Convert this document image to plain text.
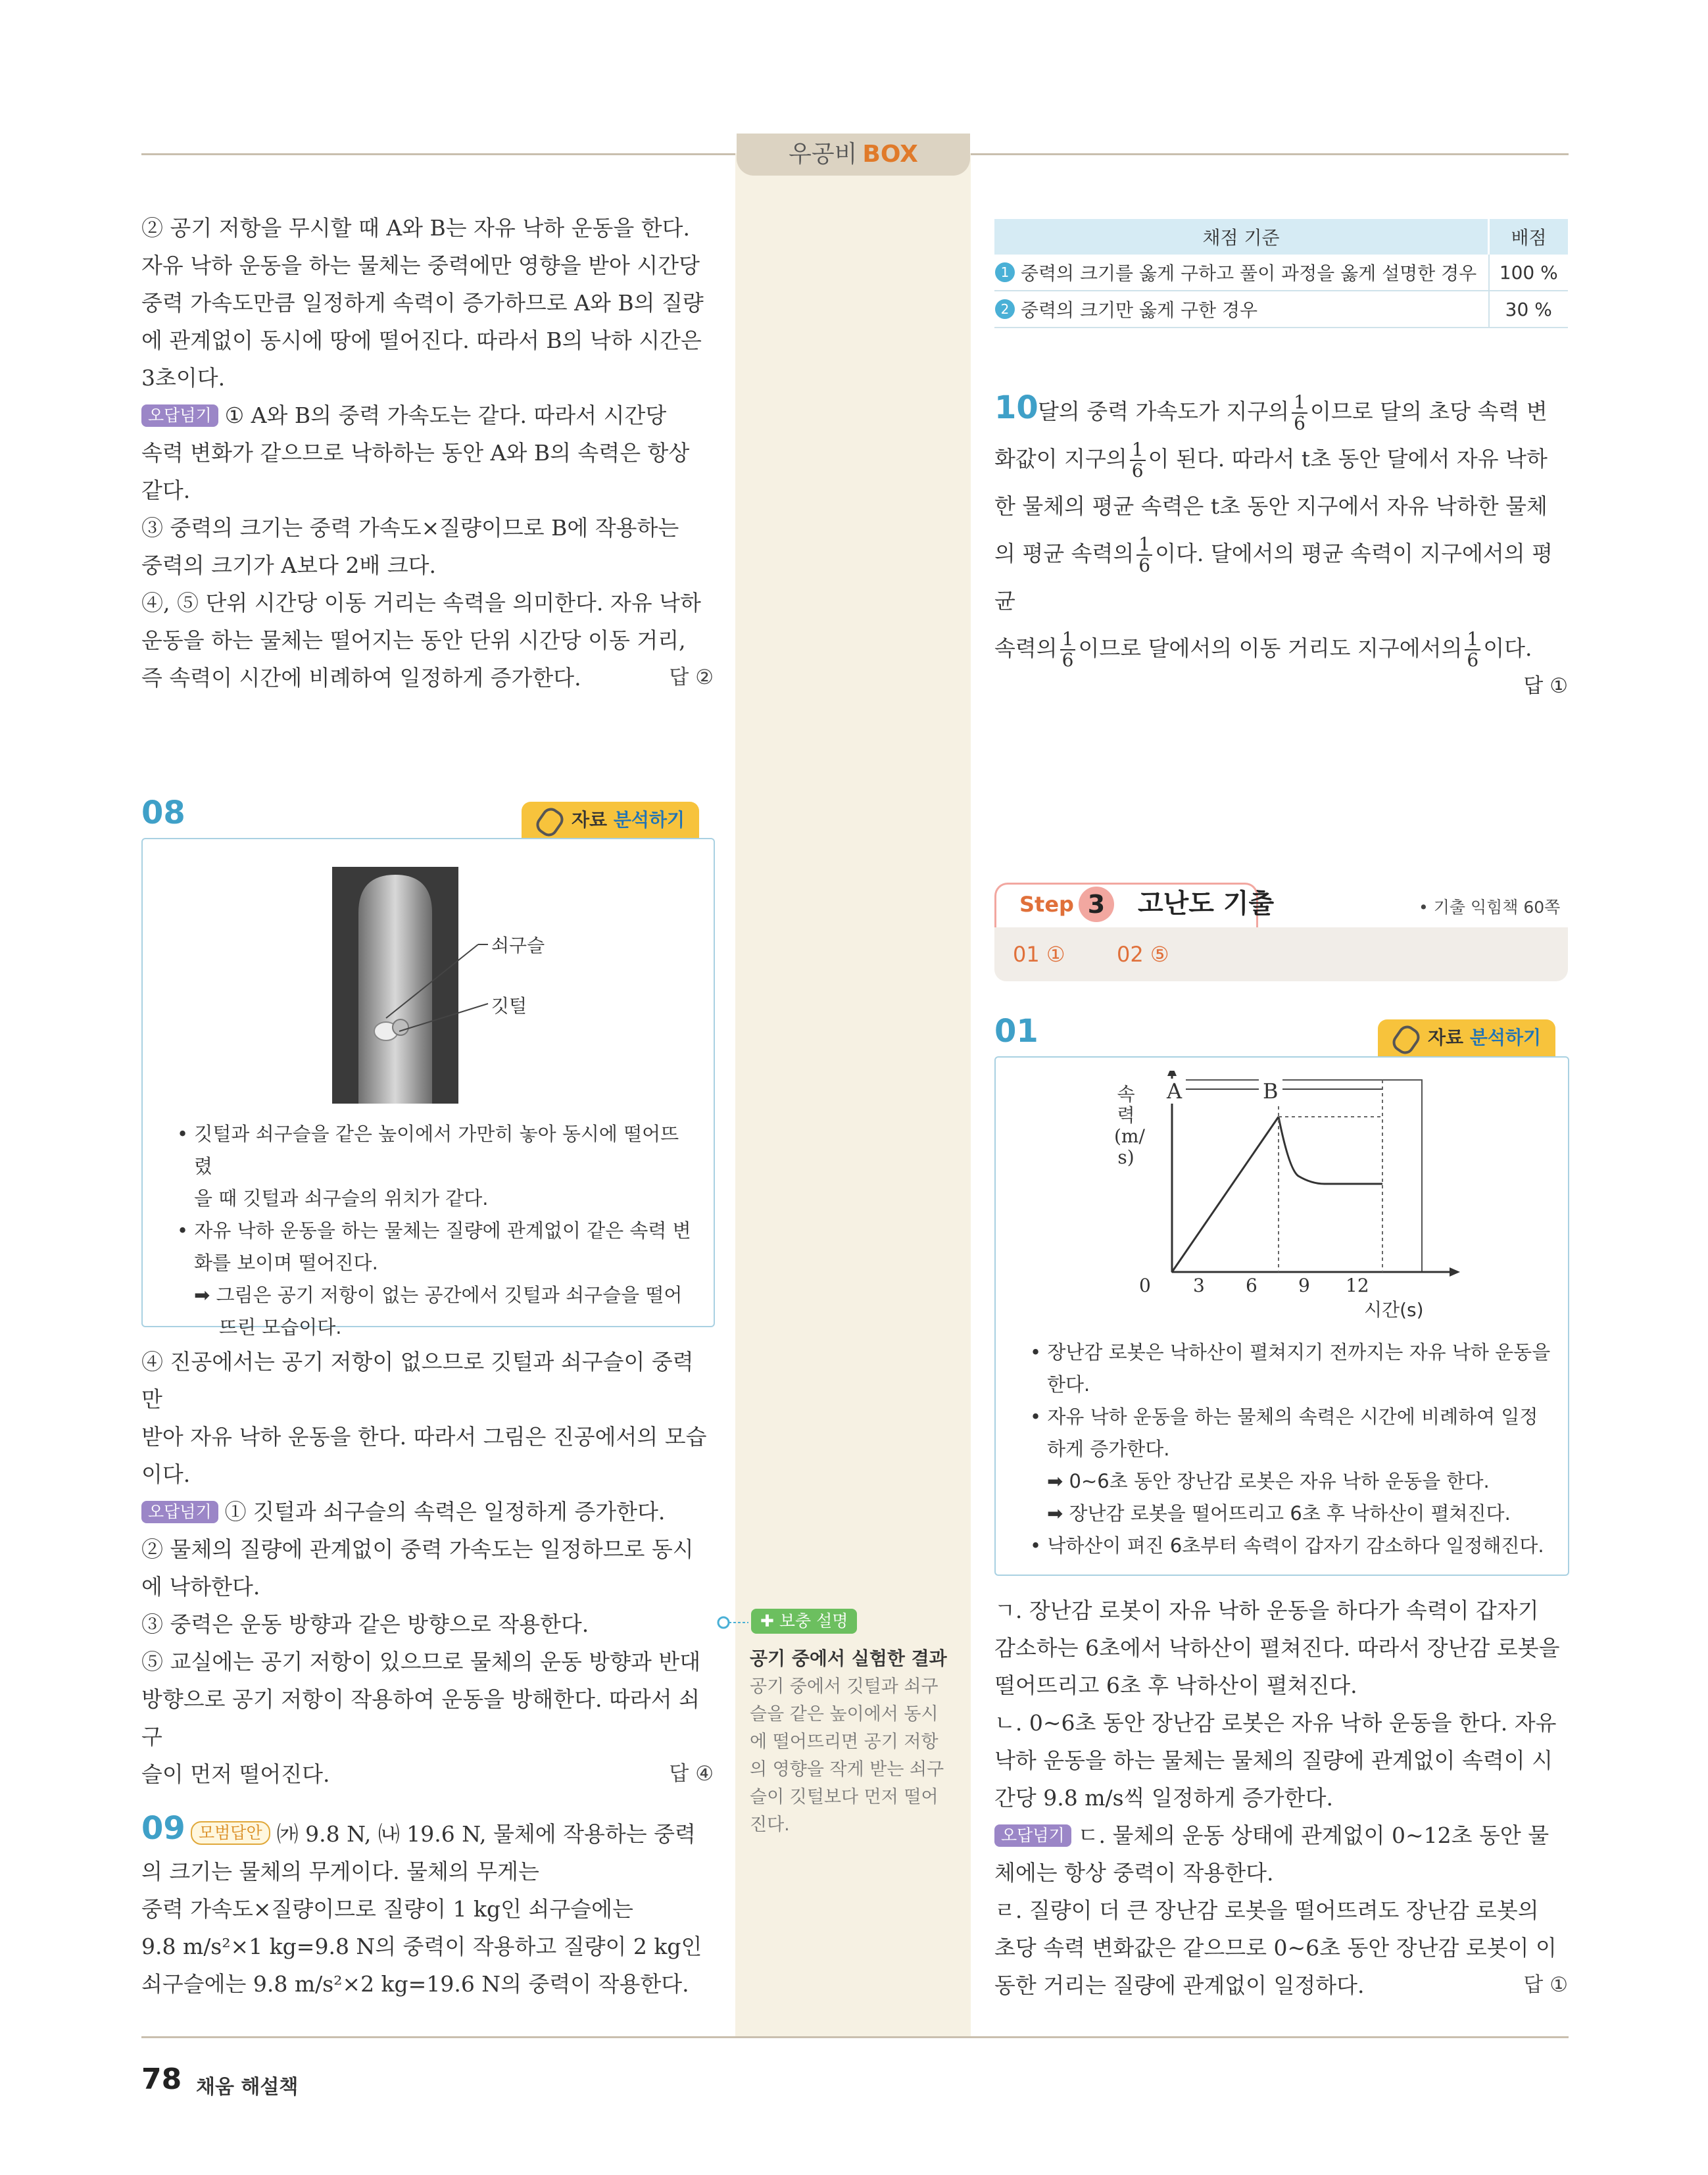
우공비 BOX

② 공기 저항을 무시할 때 A와 B는 자유 낙하 운동을 한다.

자유 낙하 운동을 하는 물체는 중력에만 영향을 받아 시간당

중력 가속도만큼 일정하게 속력이 증가하므로 A와 B의 질량

에 관계없이 동시에 땅에 떨어진다. 따라서 B의 낙하 시간은

3초이다.

오답넘기 ① A와 B의 중력 가속도는 같다. 따라서 시간당

속력 변화가 같으므로 낙하하는 동안 A와 B의 속력은 항상

같다.

③ 중력의 크기는 중력 가속도×질량이므로 B에 작용하는

중력의 크기가 A보다 2배 크다.

④, ⑤ 단위 시간당 이동 거리는 속력을 의미한다. 자유 낙하

운동을 하는 물체는 떨어지는 동안 단위 시간당 이동 거리,

즉 속력이 시간에 비례하여 일정하게 증가한다.	답 ②

08	자료 분석하기
쇠구슬
깃털
• 깃털과 쇠구슬을 같은 높이에서 가만히 놓아 동시에 떨어뜨렸
을 때 깃털과 쇠구슬의 위치가 같다.
• 자유 낙하 운동을 하는 물체는 질량에 관계없이 같은 속력 변
화를 보이며 떨어진다.
➡ 그림은 공기 저항이 없는 공간에서 깃털과 쇠구슬을 떨어
뜨린 모습이다.

④ 진공에서는 공기 저항이 없으므로 깃털과 쇠구슬이 중력만

받아 자유 낙하 운동을 한다. 따라서 그림은 진공에서의 모습

이다.

오답넘기 ① 깃털과 쇠구슬의 속력은 일정하게 증가한다.

② 물체의 질량에 관계없이 중력 가속도는 일정하므로 동시

에 낙하한다.

③ 중력은 운동 방향과 같은 방향으로 작용한다.

⑤ 교실에는 공기 저항이 있으므로 물체의 운동 방향과 반대

방향으로 공기 저항이 작용하여 운동을 방해한다. 따라서 쇠구

슬이 먼저 떨어진다.	답 ④

09 모범답안 ㈎ 9.8 N, ㈏ 19.6 N, 물체에 작용하는 중력

의 크기는 물체의 무게이다. 물체의 무게는

중력 가속도×질량이므로 질량이 1 kg인 쇠구슬에는

9.8 m/s²×1 kg=9.8 N의 중력이 작용하고 질량이 2 kg인

쇠구슬에는 9.8 m/s²×2 kg=19.6 N의 중력이 작용한다.

✚ 보충 설명
공기 중에서 실험한 결과
공기 중에서 깃털과 쇠구
슬을 같은 높이에서 동시
에 떨어뜨리면 공기 저항
의 영향을 작게 받는 쇠구
슬이 깃털보다 먼저 떨어
진다.
채점 기준	배점
1 중력의 크기를 옳게 구하고 풀이 과정을 옳게 설명한 경우	100 %
2 중력의 크기만 옳게 구한 경우	30 %
10 달의 중력 가속도가 지구의 $\frac{1}{6}$ 이므로 달의 초당 속력 변
화값이 지구의 $\frac{1}{6}$ 이 된다. 따라서 t초 동안 달에서 자유 낙하
한 물체의 평균 속력은 t초 동안 지구에서 자유 낙하한 물체
의 평균 속력의 $\frac{1}{6}$ 이다. 달에서의 평균 속력이 지구에서의 평균
속력의 $\frac{1}{6}$ 이므로 달에서의 이동 거리도 지구에서의 $\frac{1}{6}$ 이다.
답 ①
Step 3	고난도 기출	• 기출 익힘책 60쪽
01 ① 02 ⑤
01	자료 분석하기
A	B
속력(m/s)
0 3 6 9 12
시간(s)
• 장난감 로봇은 낙하산이 펼쳐지기 전까지는 자유 낙하 운동을
한다.
• 자유 낙하 운동을 하는 물체의 속력은 시간에 비례하여 일정
하게 증가한다.
➡ 0~6초 동안 장난감 로봇은 자유 낙하 운동을 한다.
➡ 장난감 로봇을 떨어뜨리고 6초 후 낙하산이 펼쳐진다.
• 낙하산이 펴진 6초부터 속력이 갑자기 감소하다 일정해진다.

ㄱ. 장난감 로봇이 자유 낙하 운동을 하다가 속력이 갑자기

감소하는 6초에서 낙하산이 펼쳐진다. 따라서 장난감 로봇을

떨어뜨리고 6초 후 낙하산이 펼쳐진다.

ㄴ. 0~6초 동안 장난감 로봇은 자유 낙하 운동을 한다. 자유

낙하 운동을 하는 물체는 물체의 질량에 관계없이 속력이 시

간당 9.8 m/s씩 일정하게 증가한다.

오답넘기 ㄷ. 물체의 운동 상태에 관계없이 0~12초 동안 물

체에는 항상 중력이 작용한다.

ㄹ. 질량이 더 큰 장난감 로봇을 떨어뜨려도 장난감 로봇의

초당 속력 변화값은 같으므로 0~6초 동안 장난감 로봇이 이

동한 거리는 질량에 관계없이 일정하다.	답 ①

78 채움 해설책
